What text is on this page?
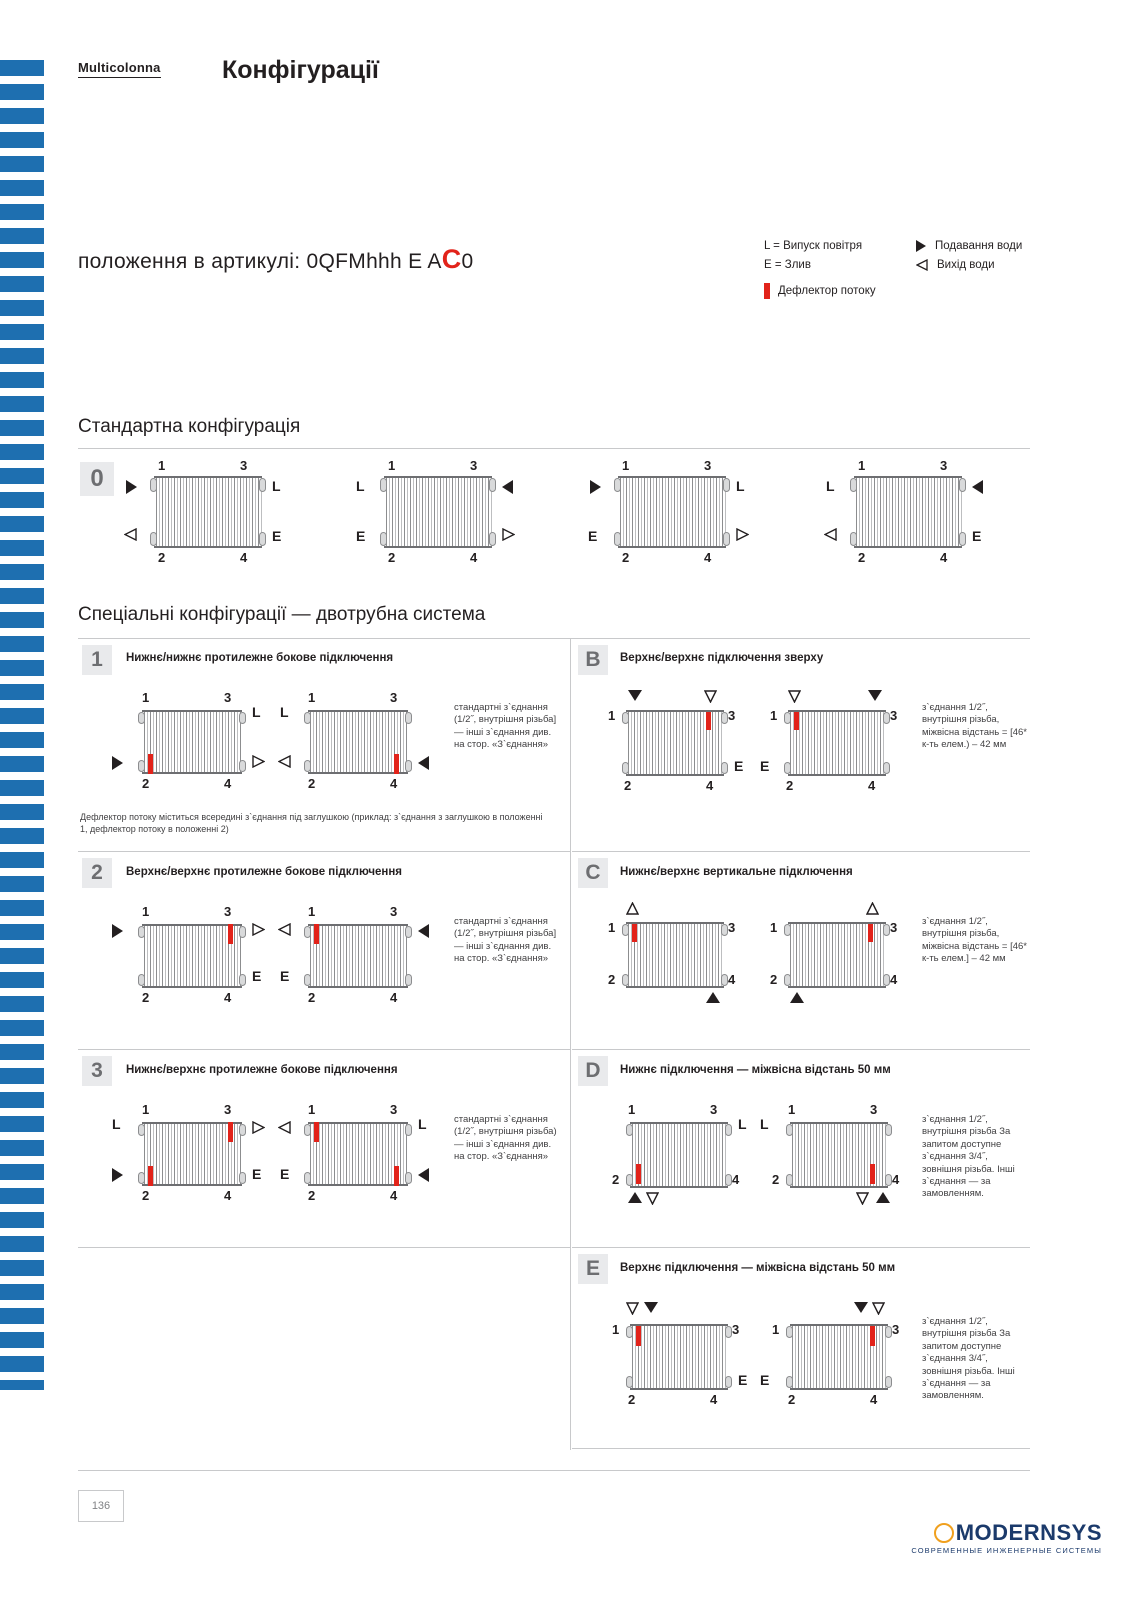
Multicolonna Конфігурації
положення в артикулі: 0QFMhhh E AC0
L = Випуск повітря	Подавання води
E = Злив	Вихід води
Дефлектор потоку
Стандартна конфігурація
0	1	3
2	4
L
E
1	3
2	4
L
E
1	3
2	4
E
L
1	3
2	4
L
E
Спеціальні конфігурації — двотрубна система
1	Нижнє/нижнє протилежне бокове підключення
1	3
2	4
L
1	3
2	4
L	стандартні з`єднання (1/2˝, внутрішня різьба] — інші з`єднання див. на стор. «З`єднання»
Дефлектор потоку міститься всередині з`єднання під заглушкою (приклад: з`єднання з заглушкою в положенні 1, дефлектор потоку в положенні 2)
B	Верхнє/верхнє підключення зверху
1	3
2	4
E
1	3
2	4
E
з`єднання 1/2˝, внутрішня різьба, міжвісна відстань = [46* к-ть елем.) – 42 мм
2	Верхнє/верхнє протилежне бокове підключення
1	3
2	4
E
1	3
2	4
E
стандартні з`єднання (1/2˝, внутрішня різьба] — інші з`єднання див. на стор. «З`єднання»
C	Нижнє/верхнє вертикальне підключення
1	3
2	4
1	3
2	4
з`єднання 1/2˝, внутрішня різьба, міжвісна відстань = [46* к-ть елем.] – 42 мм
3	Нижнє/верхнє протилежне бокове підключення
1	3
2	4
L
E
1	3
2	4
L
E
стандартні з`єднання (1/2˝, внутрішня різьба) — інші з`єднання див. на стор. «З`єднання»
D	Нижнє підключення — міжвісна відстань 50 мм
1	3
2	4
L
1	3
2	4
L	з`єднання 1/2˝, внутрішня різьба За запитом доступне з`єднання 3/4˝, зовнішня різьба. Інші з`єднання — за замовленням.
E	Верхнє підключення — міжвісна відстань 50 мм
1	3
2	4
E
1	3
2	4
E
з`єднання 1/2˝, внутрішня різьба За запитом доступне з`єднання 3/4˝, зовнішня різьба. Інші з`єднання — за замовленням.
136
MODERNSYS
СОВРЕМЕННЫЕ ИНЖЕНЕРНЫЕ СИСТЕМЫ
